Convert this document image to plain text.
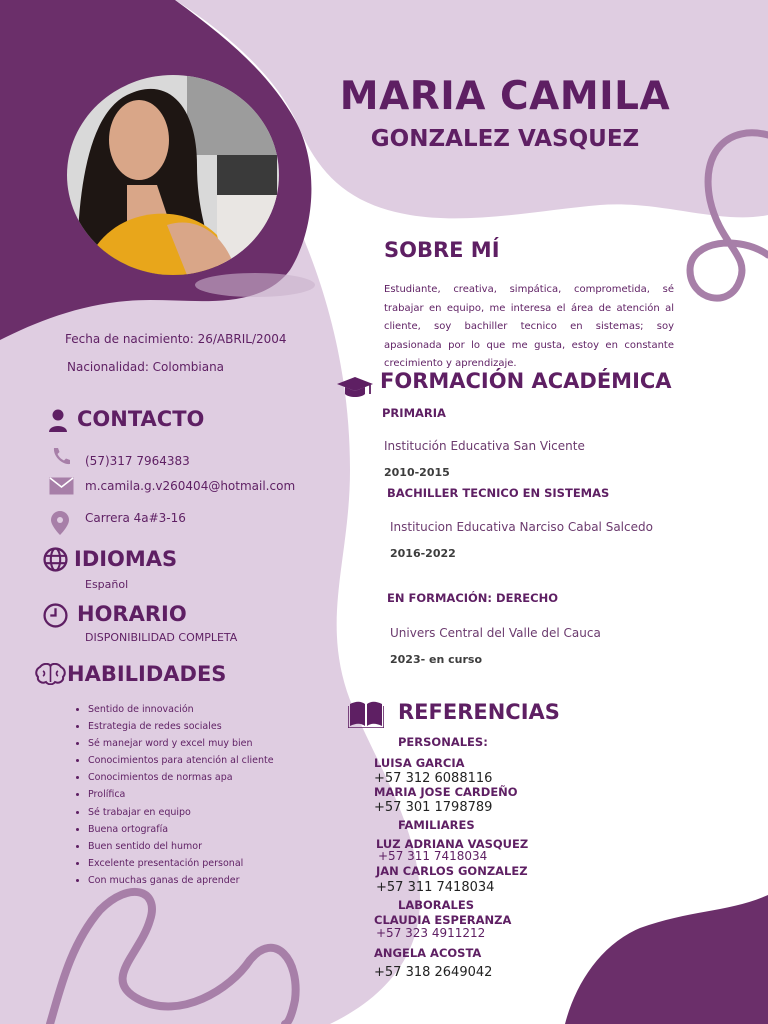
MARIA CAMILA
GONZALEZ VASQUEZ
Fecha de nacimiento: 26/ABRIL/2004
Nacionalidad: Colombiana
CONTACTO
(57)317 7964383
m.camila.g.v260404@hotmail.com
Carrera 4a#3-16
IDIOMAS
Español
HORARIO
DISPONIBILIDAD COMPLETA
HABILIDADES
• Sentido de innovación
• Estrategia de redes sociales
• Sé manejar word y excel muy bien
• Conocimientos para atención al cliente
• Conocimientos de normas apa
• Prolífica
• Sé trabajar en equipo
• Buena ortografía
• Buen sentido del humor
• Excelente presentación personal
• Con muchas ganas de aprender
SOBRE MÍ
Estudiante, creativa, simpática, comprometida, sé trabajar en equipo, me interesa el área de atención al cliente, soy bachiller tecnico en sistemas; soy apasionada por lo que me gusta, estoy en constante crecimiento y aprendizaje.
FORMACIÓN ACADÉMICA
PRIMARIA
Institución Educativa San Vicente
2010-2015
BACHILLER TECNICO EN SISTEMAS
Institucion Educativa Narciso Cabal Salcedo
2016-2022
EN FORMACIÓN: DERECHO
Univers Central del Valle del Cauca
2023- en curso
REFERENCIAS
PERSONALES:
LUISA GARCIA
+57 312 6088116
MARIA JOSE CARDEÑO
+57 301 1798789
FAMILIARES
LUZ ADRIANA VASQUEZ
+57 311 7418034
JAN CARLOS GONZALEZ
+57 311 7418034
LABORALES
CLAUDIA ESPERANZA
+57 323 4911212
ANGELA ACOSTA
+57 318 2649042
